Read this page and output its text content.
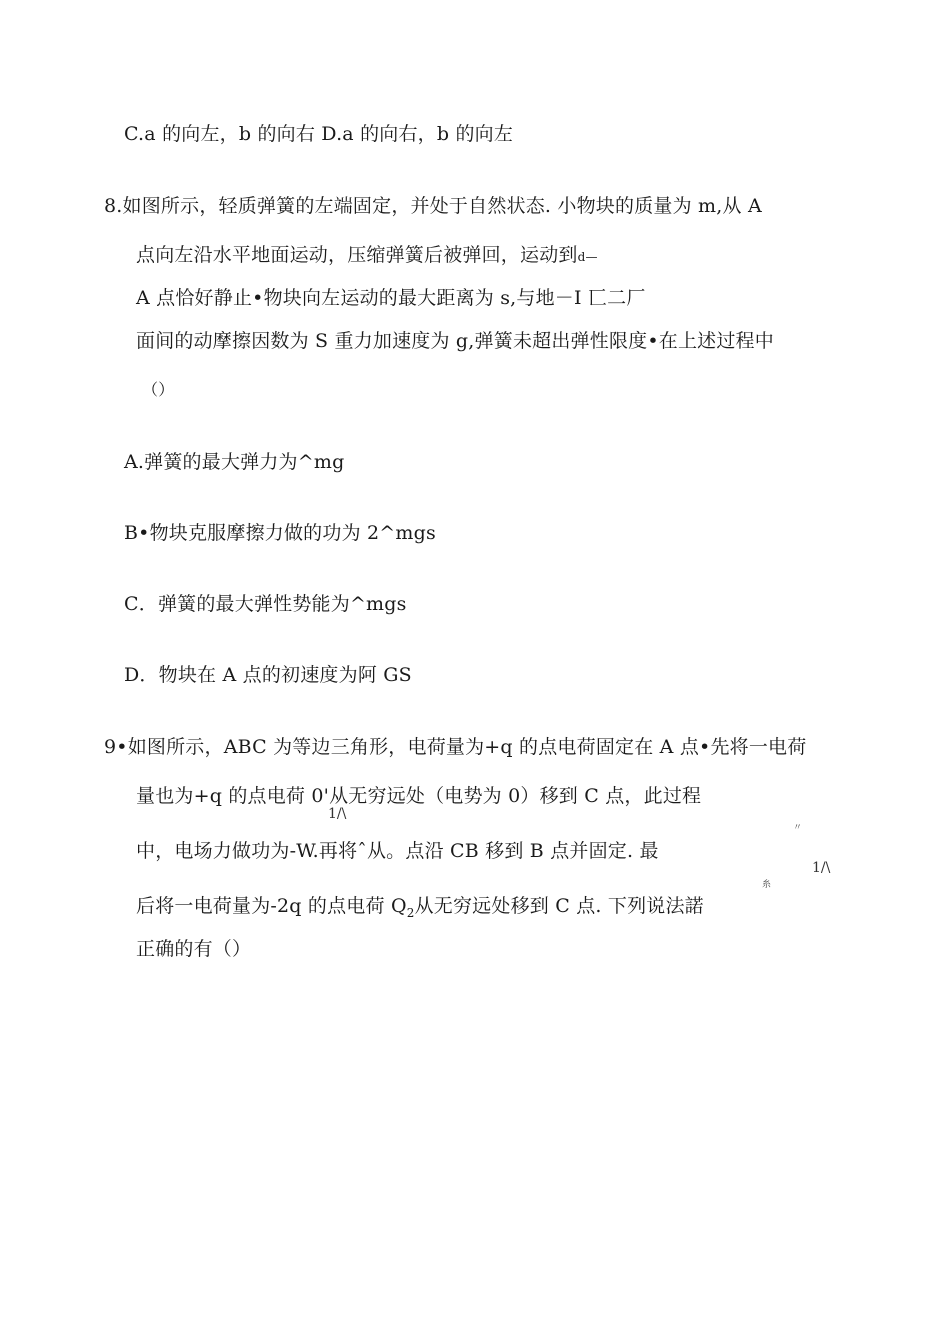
C.a 的向左，b 的向右 D.a 的向右，b 的向左
8.如图所示，轻质弹簧的左端固定，并处于自然状态. 小物块的质量为 m,从 A
点向左沿水平地面运动，压缩弹簧后被弹回，运动到d—
A 点恰好静止•物块向左运动的最大距离为 s,与地－I 匸二厂
面间的动摩擦因数为 S 重力加速度为 g,弹簧未超出弹性限度•在上述过程中
（）
A.弹簧的最大弹力为^mg
B•物块克服摩擦力做的功为 2^mgs
C．弹簧的最大弹性势能为^mgs
D．物块在 A 点的初速度为阿 GS
9•如图所示，ABC 为等边三角形，电荷量为+q 的点电荷固定在 A 点•先将一电荷
量也为+q 的点电荷 0'从无穷远处（电势为 0）移到 C 点，此过程
1/\
中，电场力做功为-W.再将ˆ从。点沿 CB 移到 B 点并固定. 最
〃
1/\
糸
后将一电荷量为-2q 的点电荷 $Q_2$从无穷远处移到 C 点. 下列说法諾
正确的有（）
